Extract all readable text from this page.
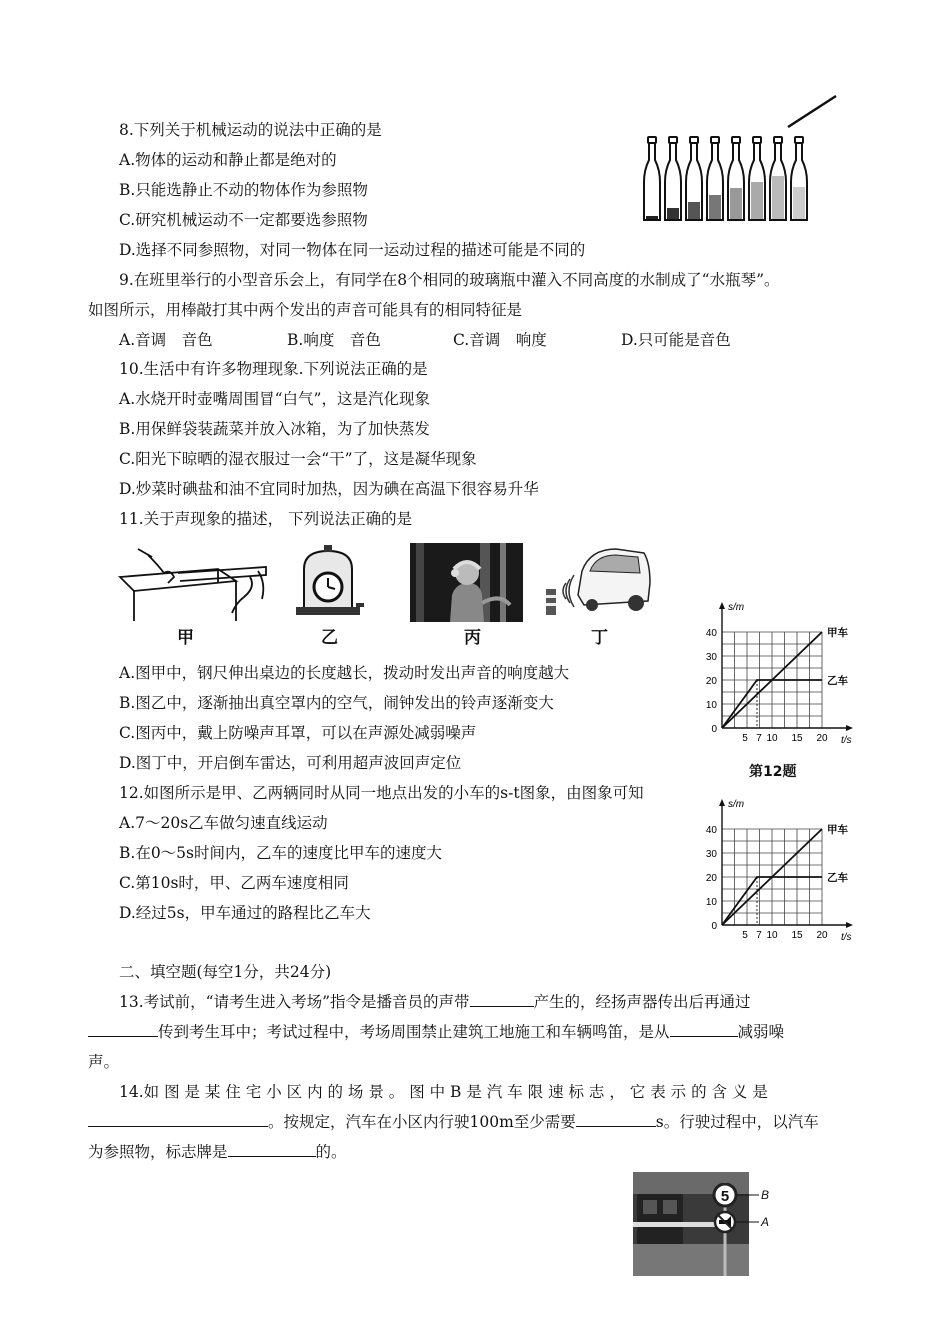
8.下列关于机械运动的说法中正确的是
A.物体的运动和静止都是绝对的
B.只能选静止不动的物体作为参照物
C.研究机械运动不一定都要选参照物
D.选择不同参照物，对同一物体在同一运动过程的描述可能是不同的
9.在班里举行的小型音乐会上，有同学在8个相同的玻璃瓶中灌入不同高度的水制成了“水瓶琴”。
如图所示，用棒敲打其中两个发出的声音可能具有的相同特征是
A.音调　音色	B.响度　音色	C.音调　响度	D.只可能是音色
10.生活中有许多物理现象.下列说法正确的是
A.水烧开时壶嘴周围冒“白气”，这是汽化现象
B.用保鲜袋装蔬菜并放入冰箱，为了加快蒸发
C.阳光下晾晒的湿衣服过一会“干”了，这是凝华现象
D.炒菜时碘盐和油不宜同时加热，因为碘在高温下很容易升华
11.关于声现象的描述， 下列说法正确的是
甲	乙	丙	丁
A.图甲中，钢尺伸出桌边的长度越长，拨动时发出声音的响度越大
B.图乙中，逐渐抽出真空罩内的空气，闹钟发出的铃声逐渐变大
C.图丙中，戴上防噪声耳罩，可以在声源处减弱噪声
D.图丁中，开启倒车雷达，可利用超声波回声定位
12.如图所示是甲、乙两辆同时从同一地点出发的小车的s-t图象，由图象可知
A.7～20s乙车做匀速直线运动
B.在0～5s时间内，乙车的速度比甲车的速度大
C.第10s时，甲、乙两车速度相同
D.经过5s，甲车通过的路程比乙车大
s/m
t/s
0
10
20
30
40
5 7 10 15 20
甲车
乙车
第12题
s/m
t/s
0
10
20
30
40
5 7 10 15 20
甲车
乙车
二、填空题(每空1分，共24分)
13.考试前，“请考生进入考场”指令是播音员的声带	产生的，经扬声器传出后再通过
传到考生耳中；考试过程中，考场周围禁止建筑工地施工和车辆鸣笛，是从	减弱噪
声。
14.如 图 是 某 住 宅 小 区 内 的 场 景 。 图 中 B 是 汽 车 限 速 标 志 ， 它 表 示 的 含 义 是
。按规定，汽车在小区内行驶100m至少需要	s。行驶过程中，以汽车
为参照物，标志牌是	的。
5	B
A
